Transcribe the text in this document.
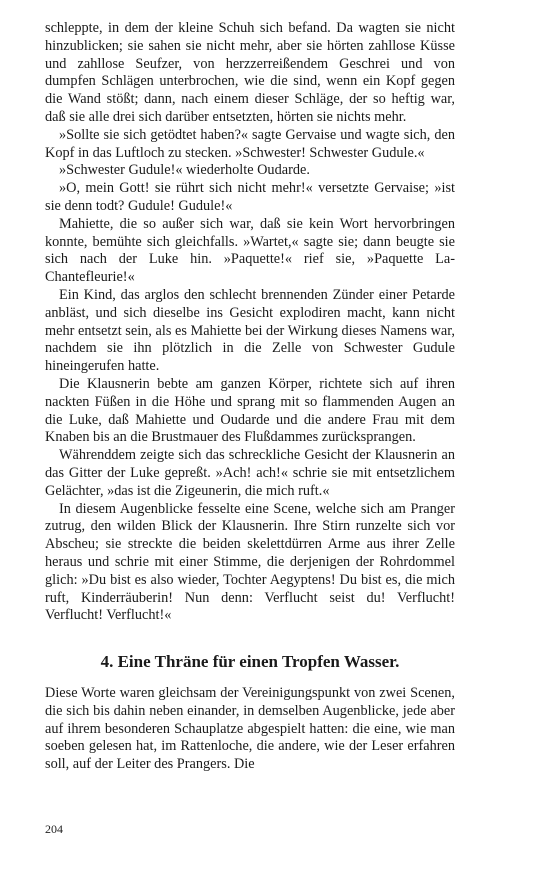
schleppte, in dem der kleine Schuh sich befand. Da wagten sie nicht hinzublicken; sie sahen sie nicht mehr, aber sie hörten zahllose Küsse und zahllose Seufzer, von herzzerreißendem Geschrei und von dumpfen Schlägen unterbrochen, wie die sind, wenn ein Kopf gegen die Wand stößt; dann, nach einem dieser Schläge, der so heftig war, daß sie alle drei sich darüber entsetzten, hörten sie nichts mehr.

»Sollte sie sich getödtet haben?« sagte Gervaise und wagte sich, den Kopf in das Luftloch zu stecken. »Schwester! Schwester Gudule.«

»Schwester Gudule!« wiederholte Oudarde.

»O, mein Gott! sie rührt sich nicht mehr!« versetzte Gervaise; »ist sie denn todt? Gudule! Gudule!«

Mahiette, die so außer sich war, daß sie kein Wort hervorbringen konnte, bemühte sich gleichfalls. »Wartet,« sagte sie; dann beugte sie sich nach der Luke hin. »Paquette!« rief sie, »Paquette LaChantefleurie!«

Ein Kind, das arglos den schlecht brennenden Zünder einer Petarde anbläst, und sich dieselbe ins Gesicht explodiren macht, kann nicht mehr entsetzt sein, als es Mahiette bei der Wirkung dieses Namens war, nachdem sie ihn plötzlich in die Zelle von Schwester Gudule hineingerufen hatte.

Die Klausnerin bebte am ganzen Körper, richtete sich auf ihren nackten Füßen in die Höhe und sprang mit so flammenden Augen an die Luke, daß Mahiette und Oudarde und die andere Frau mit dem Knaben bis an die Brustmauer des Flußdammes zurücksprangen.

Währenddem zeigte sich das schreckliche Gesicht der Klausnerin an das Gitter der Luke gepreßt. »Ach! ach!« schrie sie mit entsetzlichem Gelächter, »das ist die Zigeunerin, die mich ruft.«

In diesem Augenblicke fesselte eine Scene, welche sich am Pranger zutrug, den wilden Blick der Klausnerin. Ihre Stirn runzelte sich vor Abscheu; sie streckte die beiden skelettdürren Arme aus ihrer Zelle heraus und schrie mit einer Stimme, die derjenigen der Rohrdommel glich: »Du bist es also wieder, Tochter Aegyptens! Du bist es, die mich ruft, Kinderräuberin! Nun denn: Verflucht seist du! Verflucht! Verflucht! Verflucht!«

4. Eine Thräne für einen Tropfen Wasser.

Diese Worte waren gleichsam der Vereinigungspunkt von zwei Scenen, die sich bis dahin neben einander, in demselben Augenblicke, jede aber auf ihrem besonderen Schauplatze abgespielt hatten: die eine, wie man soeben gelesen hat, im Rattenloche, die andere, wie der Leser erfahren soll, auf der Leiter des Prangers. Die

204
